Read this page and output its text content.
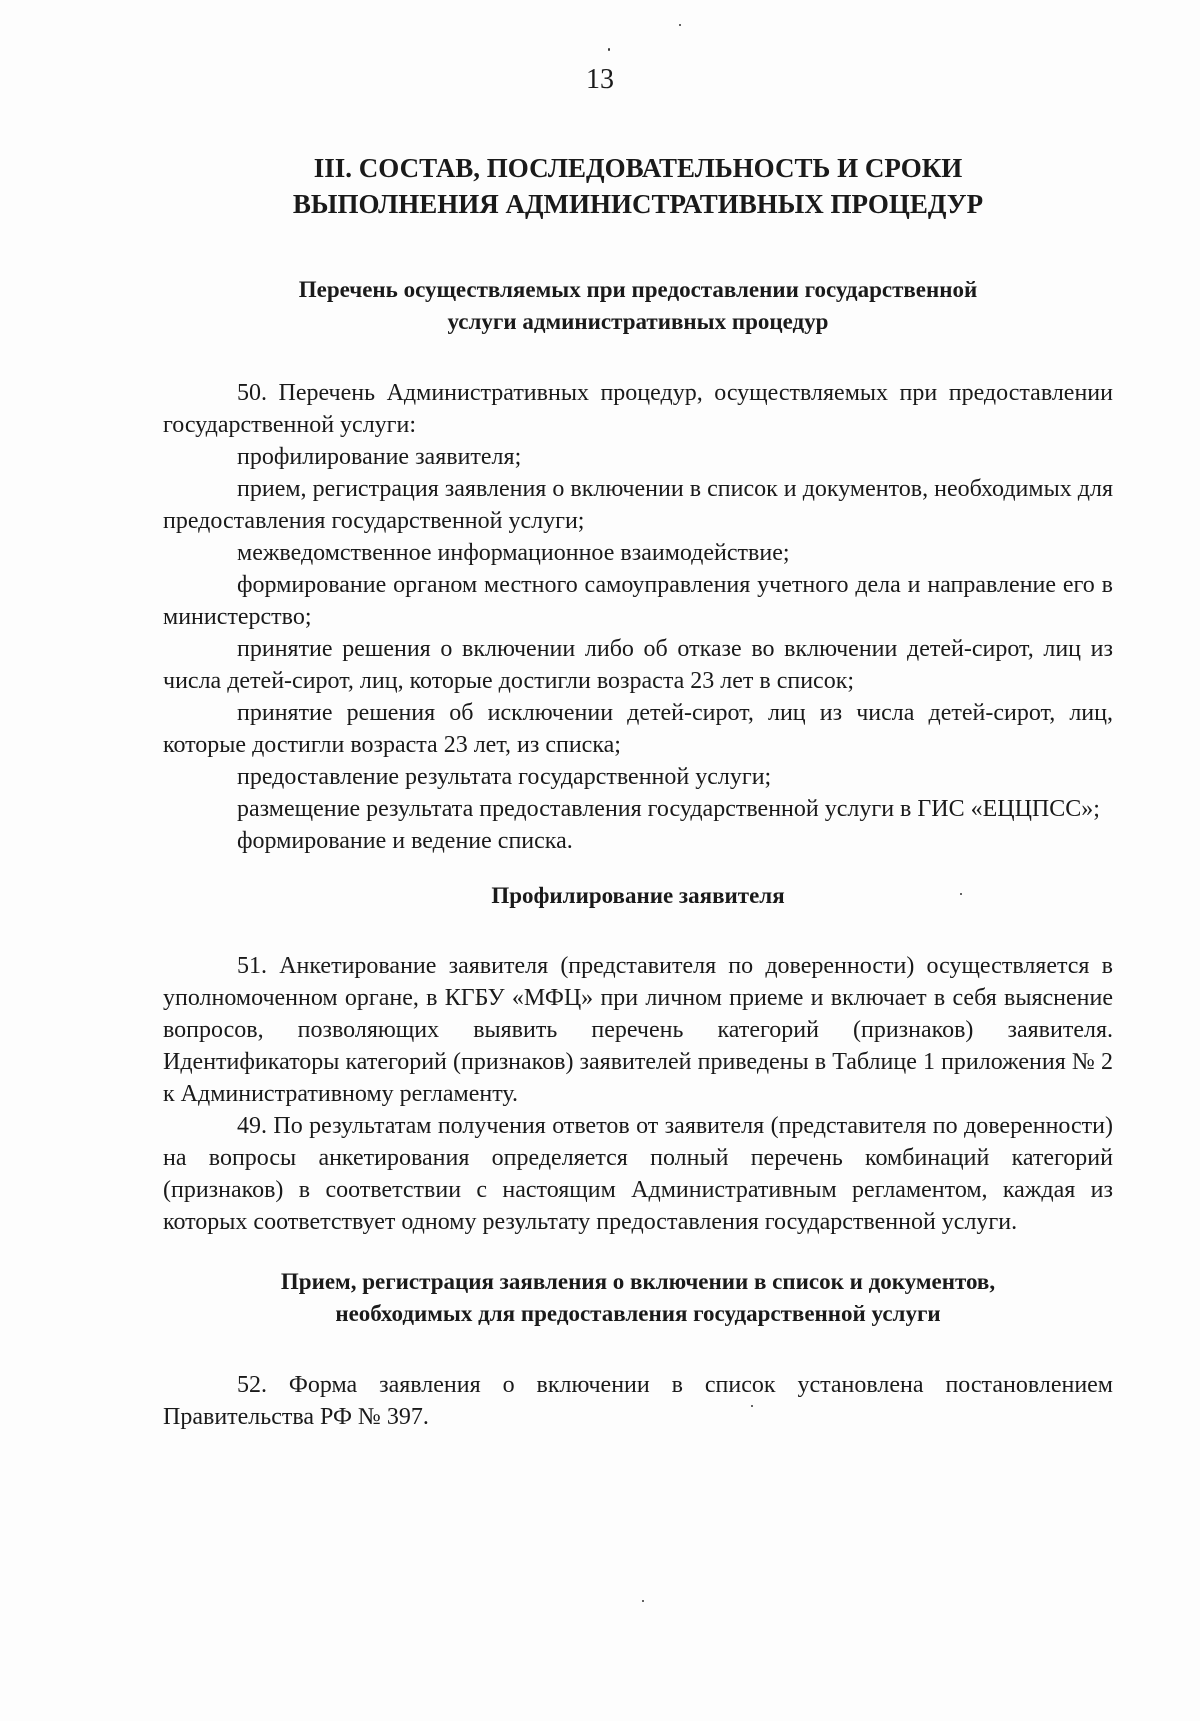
13
III. СОСТАВ, ПОСЛЕДОВАТЕЛЬНОСТЬ И СРОКИ
ВЫПОЛНЕНИЯ АДМИНИСТРАТИВНЫХ ПРОЦЕДУР
Перечень осуществляемых при предоставлении государственной
услуги административных процедур

50. Перечень Административных процедур, осуществляемых при предоставлении государственной услуги:

профилирование заявителя;

прием, регистрация заявления о включении в список и документов, необходимых для предоставления государственной услуги;

межведомственное информационное взаимодействие;

формирование органом местного самоуправления учетного дела и направление его в министерство;

принятие решения о включении либо об отказе во включении детей-сирот, лиц из числа детей-сирот, лиц, которые достигли возраста 23 лет в список;

принятие решения об исключении детей-сирот, лиц из числа детей-сирот, лиц, которые достигли возраста 23 лет, из списка;

предоставление результата государственной услуги;

размещение результата предоставления государственной услуги в ГИС «ЕЦЦПСС»;

формирование и ведение списка.

Профилирование заявителя

51. Анкетирование заявителя (представителя по доверенности) осуществляется в уполномоченном органе, в КГБУ «МФЦ» при личном приеме и включает в себя выяснение вопросов, позволяющих выявить перечень категорий (признаков) заявителя. Идентификаторы категорий (признаков) заявителей приведены в Таблице 1 приложения № 2 к Административному регламенту.

49. По результатам получения ответов от заявителя (представителя по доверенности) на вопросы анкетирования определяется полный перечень комбинаций категорий (признаков) в соответствии с настоящим Административным регламентом, каждая из которых соответствует одному результату предоставления государственной услуги.

Прием, регистрация заявления о включении в список и документов,
необходимых для предоставления государственной услуги

52. Форма заявления о включении в список установлена постановлением Правительства РФ № 397.
